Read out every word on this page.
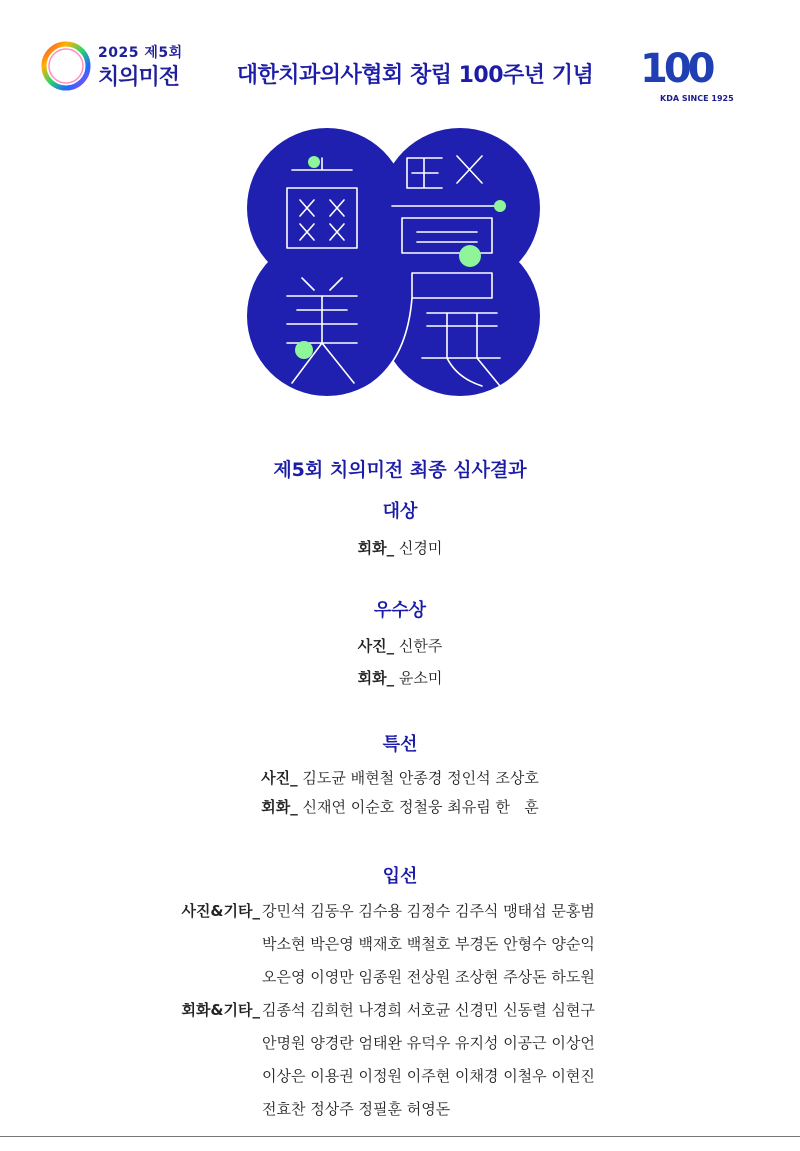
2025 제5회
치의미전	대한치과의사협회 창립 100주년 기념	100
KDA SINCE 1925
제5회 치의미전 최종 심사결과
대상
회화_ 신경미
우수상
사진_ 신한주
회화_ 윤소미
특선
사진_ 김도균 배현철 안종경 정인석 조상호
회화_ 신재연 이순호 정철웅 최유림 한   훈
입선
사진&기타_ 강민석 김동우 김수용 김정수 김주식 맹태섭 문홍범
박소현 박은영 백재호 백철호 부경돈 안형수 양순익
오은영 이영만 임종원 전상원 조상현 주상돈 하도원
회화&기타_ 김종석 김희헌 나경희 서호균 신경민 신동렬 심현구
안명원 양경란 엄태완 유덕우 유지성 이공근 이상언
이상은 이용권 이정원 이주현 이채경 이철우 이현진
전효찬 정상주 정필훈 허영돈
